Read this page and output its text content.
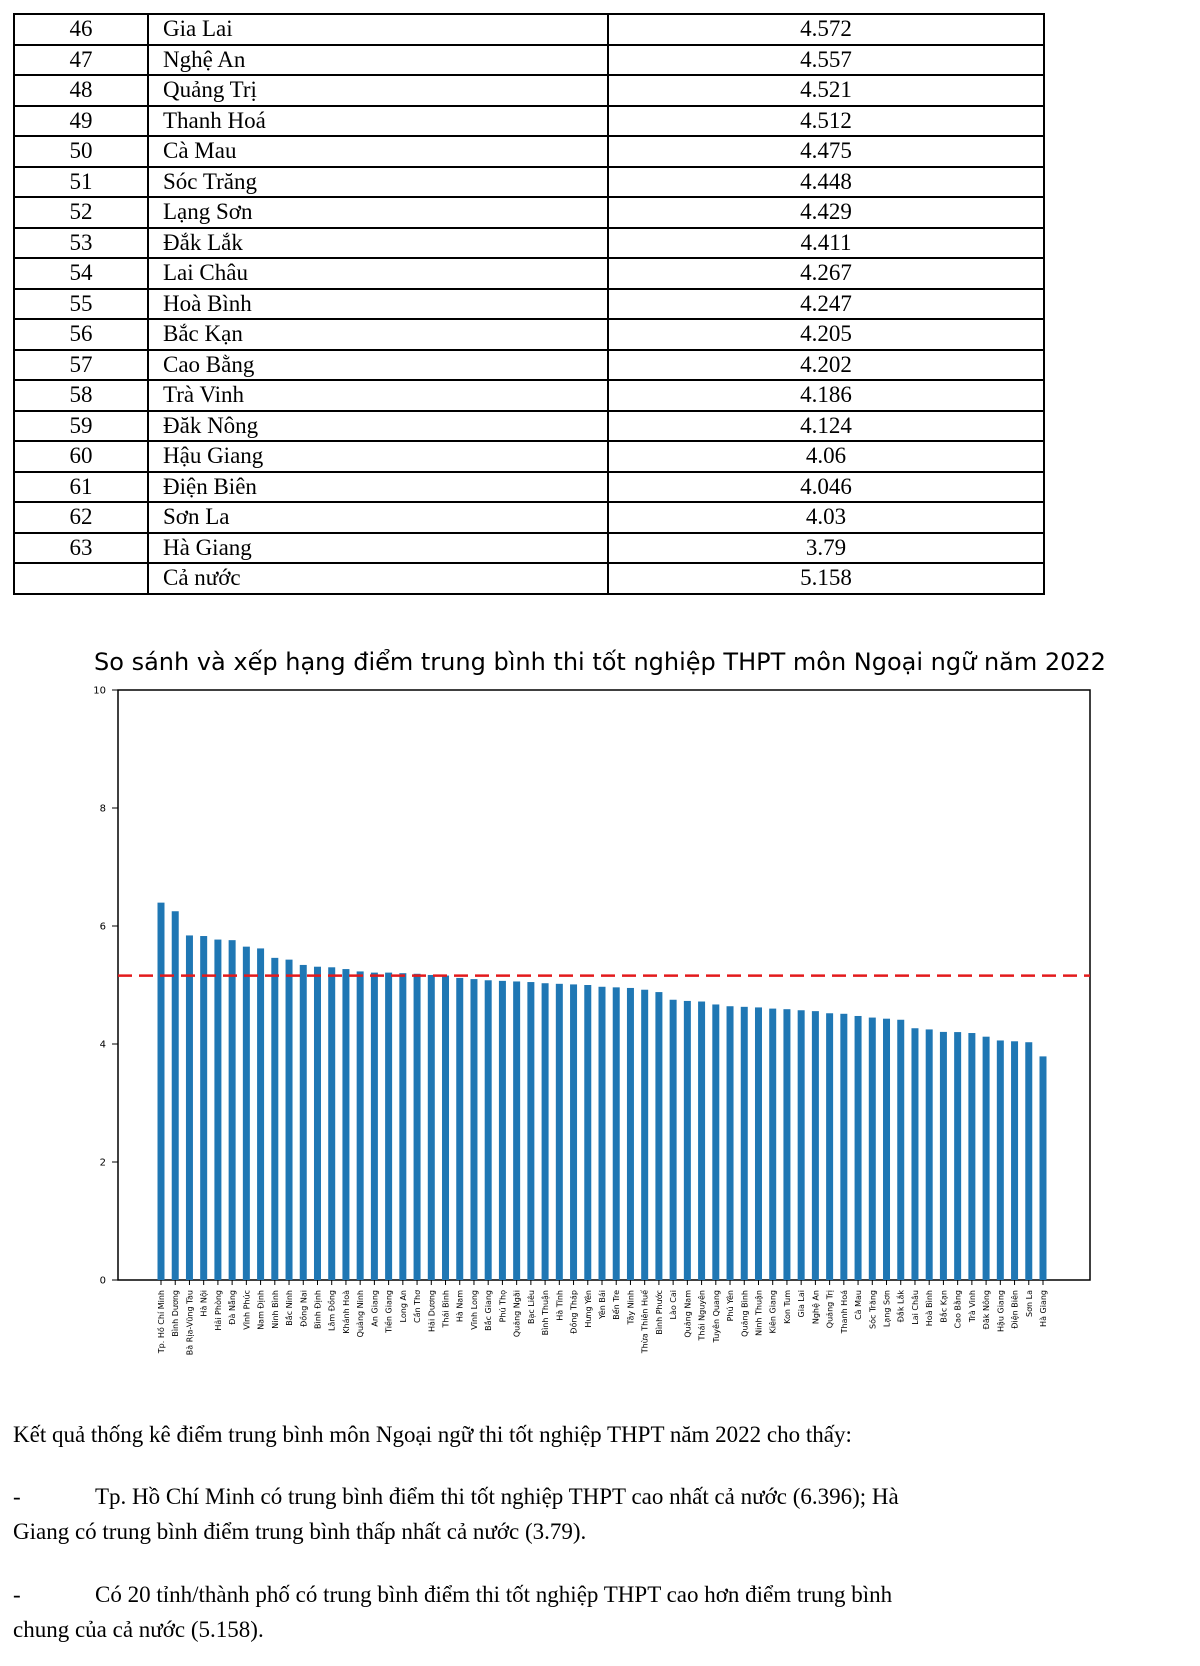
46	Gia Lai	4.572
47	Nghệ An	4.557
48	Quảng Trị	4.521
49	Thanh Hoá	4.512
50	Cà Mau	4.475
51	Sóc Trăng	4.448
52	Lạng Sơn	4.429
53	Đắk Lắk	4.411
54	Lai Châu	4.267
55	Hoà Bình	4.247
56	Bắc Kạn	4.205
57	Cao Bằng	4.202
58	Trà Vinh	4.186
59	Đăk Nông	4.124
60	Hậu Giang	4.06
61	Điện Biên	4.046
62	Sơn La	4.03
63	Hà Giang	3.79
	Cả nước	5.158
So sánh và xếp hạng điểm trung bình thi tốt nghiệp THPT môn Ngoại ngữ năm 2022
0
2
4
6
8
10
Tp. Hồ Chí Minh Bình Dương Bà Rịa-Vũng Tàu Hà Nội Hải Phòng Đà Nẵng Vĩnh Phúc Nam Định Ninh Bình Bắc Ninh Đồng Nai Bình Định Lâm Đồng Khánh Hoà Quảng Ninh An Giang Tiền Giang Long An Cần Thơ Hải Dương Thái Bình Hà Nam Vĩnh Long Bắc Giang Phú Thọ Quảng Ngãi Bạc Liêu Bình Thuận Hà Tĩnh Đồng Tháp Hưng Yên Yên Bái Bến Tre Tây Ninh Thừa Thiên Huế Bình Phước Lào Cai Quảng Nam Thái Nguyên Tuyên Quang Phú Yên Quảng Bình Ninh Thuận Kiên Giang Kon Tum Gia Lai Nghệ An Quảng Trị Thanh Hoá Cà Mau Sóc Trăng Lạng Sơn Đắk Lắk Lai Châu Hoà Bình Bắc Kạn Cao Bằng Trà Vinh Đăk Nông Hậu Giang Điện Biên Sơn La Hà Giang

Kết quả thống kê điểm trung bình môn Ngoại ngữ thi tốt nghiệp THPT năm 2022 cho thấy:

-	Tp. Hồ Chí Minh có trung bình điểm thi tốt nghiệp THPT cao nhất cả nước (6.396); Hà

Giang có trung bình điểm trung bình thấp nhất cả nước (3.79).

-	Có 20 tỉnh/thành phố có trung bình điểm thi tốt nghiệp THPT cao hơn điểm trung bình

chung của cả nước (5.158).
